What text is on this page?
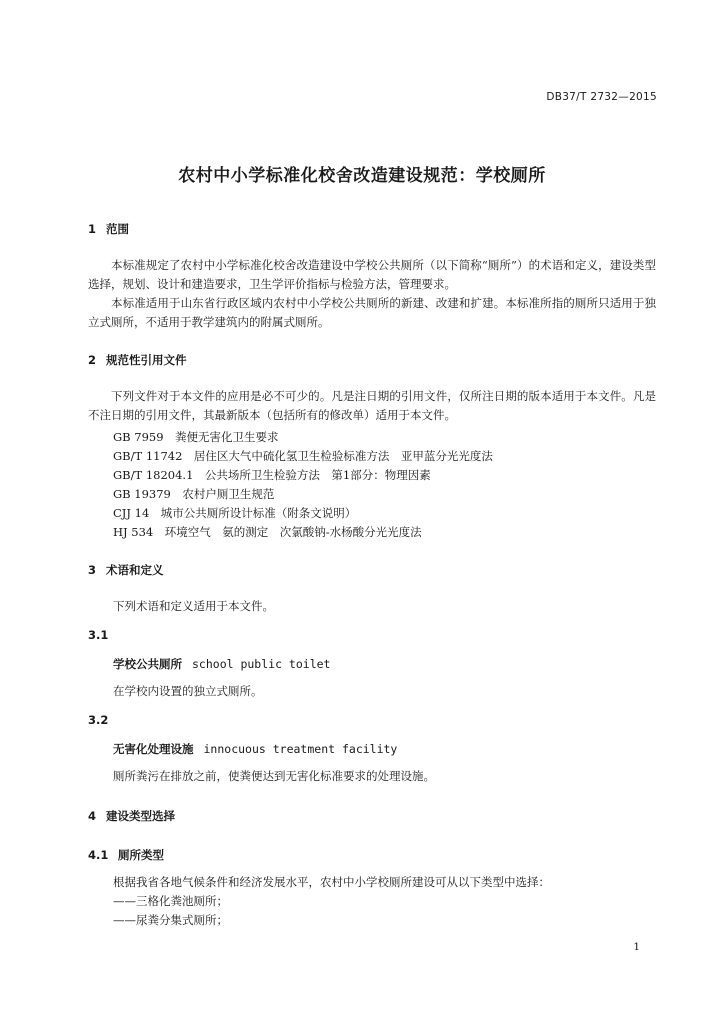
DB37/T 2732—2015
农村中小学标准化校舍改造建设规范：学校厕所
1 范围
本标准规定了农村中小学标准化校舍改造建设中学校公共厕所（以下简称“厕所”）的术语和定义，建设类型选择，规划、设计和建造要求，卫生学评价指标与检验方法，管理要求。
本标准适用于山东省行政区域内农村中小学校公共厕所的新建、改建和扩建。本标准所指的厕所只适用于独立式厕所，不适用于教学建筑内的附属式厕所。
2 规范性引用文件
下列文件对于本文件的应用是必不可少的。凡是注日期的引用文件，仅所注日期的版本适用于本文件。凡是不注日期的引用文件，其最新版本（包括所有的修改单）适用于本文件。
GB 7959　粪便无害化卫生要求
GB/T 11742　居住区大气中硫化氢卫生检验标准方法　亚甲蓝分光光度法
GB/T 18204.1　公共场所卫生检验方法　第1部分：物理因素
GB 19379　农村户厕卫生规范
CJJ 14　城市公共厕所设计标准（附条文说明）
HJ 534　环境空气　氨的测定　次氯酸钠-水杨酸分光光度法
3 术语和定义
下列术语和定义适用于本文件。
3.1
学校公共厕所 school public toilet
在学校内设置的独立式厕所。
3.2
无害化处理设施 innocuous treatment facility
厕所粪污在排放之前，使粪便达到无害化标准要求的处理设施。
4 建设类型选择
4.1 厕所类型
根据我省各地气候条件和经济发展水平，农村中小学校厕所建设可从以下类型中选择：
——三格化粪池厕所；
——尿粪分集式厕所；
1
